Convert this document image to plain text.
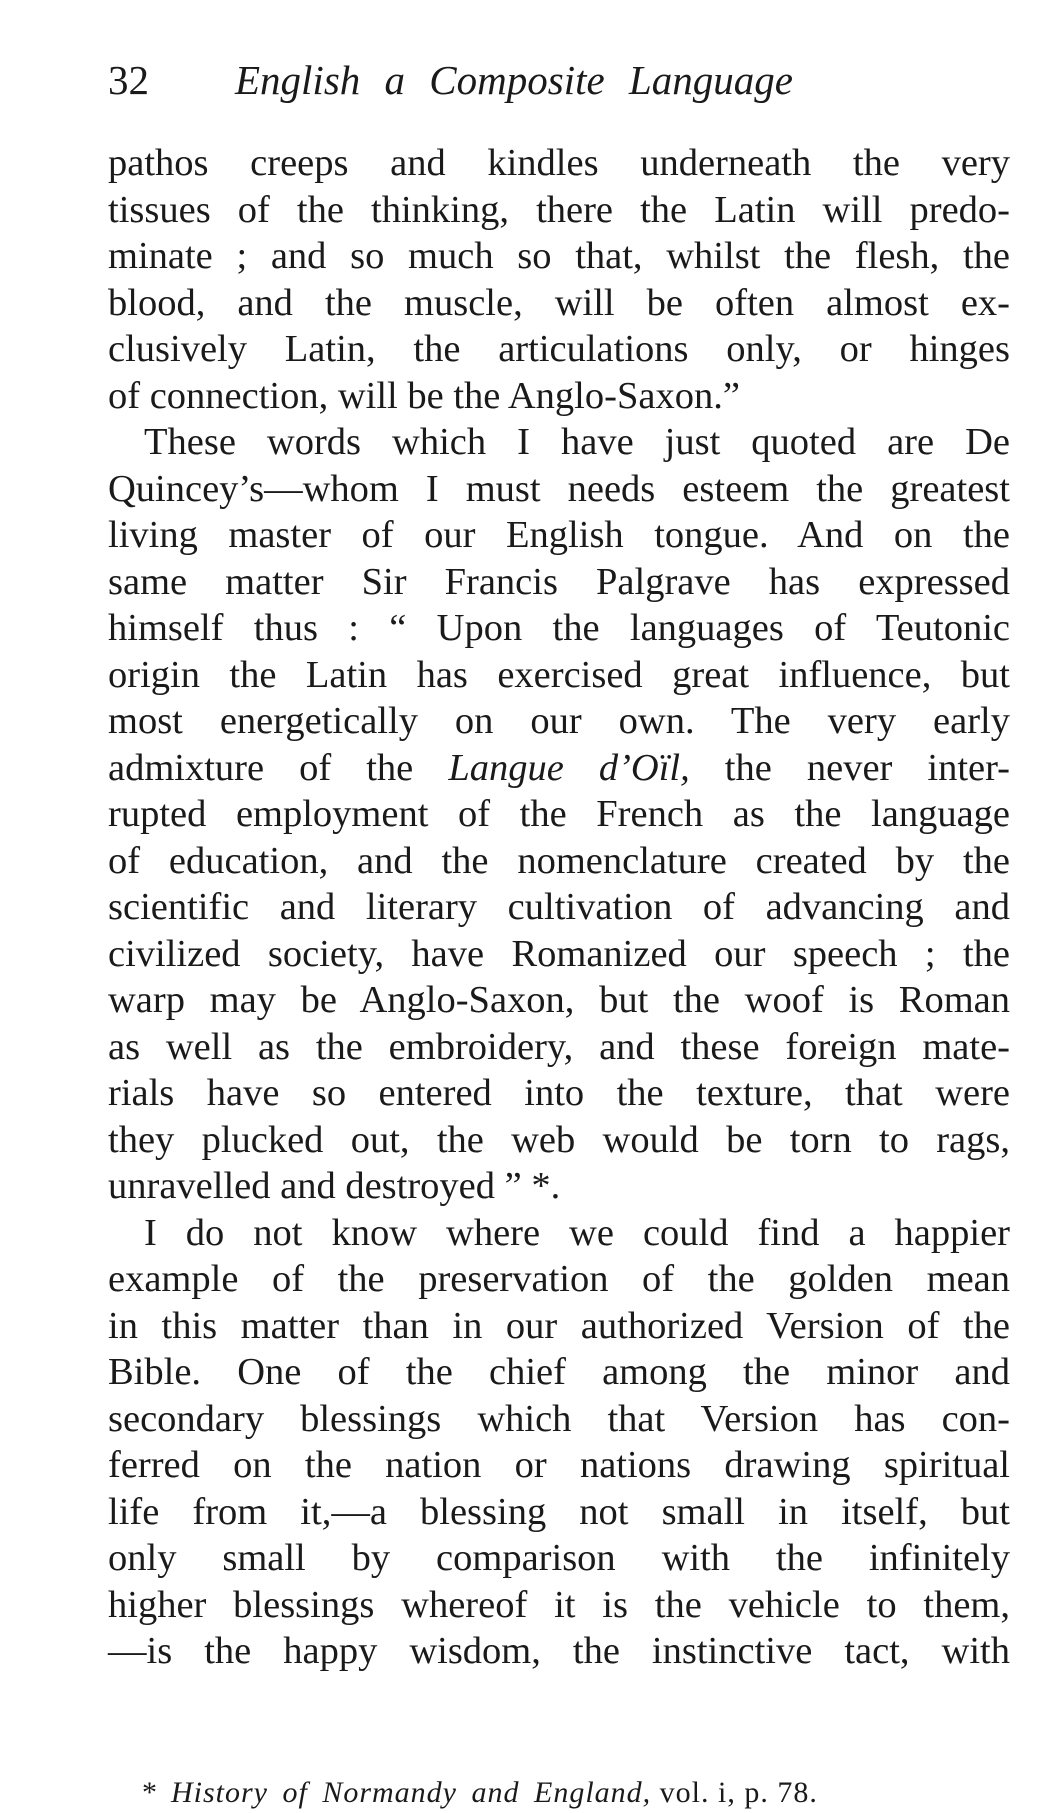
32 English a Composite Language
pathos creeps and kindles underneath the very
tissues of the thinking, there the Latin will predo-
minate ; and so much so that, whilst the flesh, the
blood, and the muscle, will be often almost ex-
clusively Latin, the articulations only, or hinges
of connection, will be the Anglo-Saxon.”
These words which I have just quoted are De
Quincey’s—whom I must needs esteem the greatest
living master of our English tongue. And on the
same matter Sir Francis Palgrave has expressed
himself thus : “ Upon the languages of Teutonic
origin the Latin has exercised great influence, but
most energetically on our own. The very early
admixture of the Langue d’Oïl, the never inter-
rupted employment of the French as the language
of education, and the nomenclature created by the
scientific and literary cultivation of advancing and
civilized society, have Romanized our speech ; the
warp may be Anglo-Saxon, but the woof is Roman
as well as the embroidery, and these foreign mate-
rials have so entered into the texture, that were
they plucked out, the web would be torn to rags,
unravelled and destroyed ” *.
I do not know where we could find a happier
example of the preservation of the golden mean
in this matter than in our authorized Version of the
Bible. One of the chief among the minor and
secondary blessings which that Version has con-
ferred on the nation or nations drawing spiritual
life from it,—a blessing not small in itself, but
only small by comparison with the infinitely
higher blessings whereof it is the vehicle to them,
—is the happy wisdom, the instinctive tact, with
* History of Normandy and England, vol. i, p. 78.
